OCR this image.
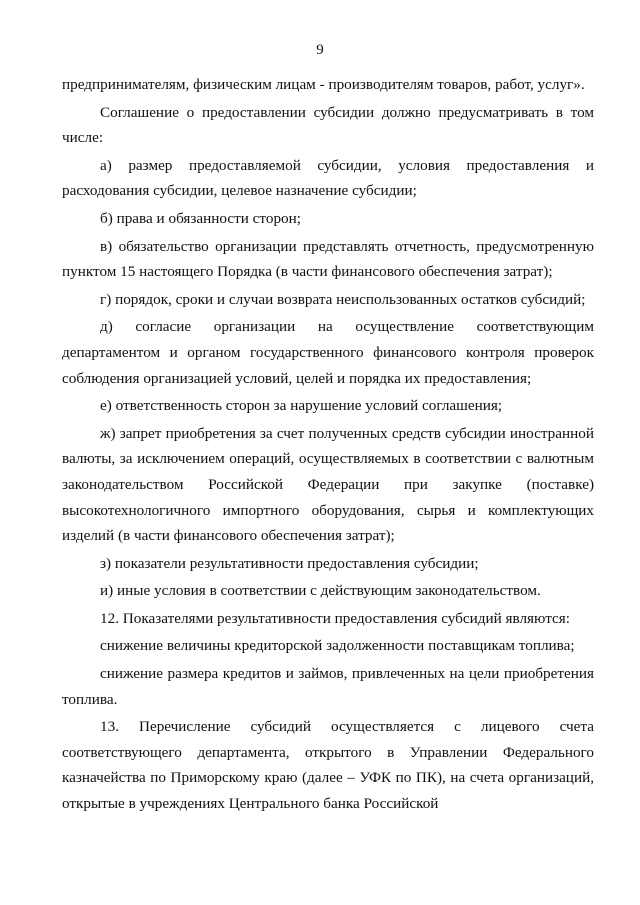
9

предпринимателям, физическим лицам - производителям товаров, работ, услуг».

Соглашение о предоставлении субсидии должно предусматривать в том числе:

а) размер предоставляемой субсидии, условия предоставления и расходования субсидии, целевое назначение субсидии;

б) права и обязанности сторон;

в) обязательство организации представлять отчетность, предусмотренную пунктом 15 настоящего Порядка (в части финансового обеспечения затрат);

г) порядок, сроки и случаи возврата неиспользованных остатков субсидий;

д) согласие организации на осуществление соответствующим департаментом и органом государственного финансового контроля проверок соблюдения организацией условий, целей и порядка их предоставления;

е) ответственность сторон за нарушение условий соглашения;

ж) запрет приобретения за счет полученных средств субсидии иностранной валюты, за исключением операций, осуществляемых в соответствии с валютным законодательством Российской Федерации при закупке (поставке) высокотехнологичного импортного оборудования, сырья и комплектующих изделий (в части финансового обеспечения затрат);

з) показатели результативности предоставления субсидии;

и) иные условия в соответствии с действующим законодательством.

12. Показателями результативности предоставления субсидий являются:

снижение величины кредиторской задолженности поставщикам топлива;

снижение размера кредитов и займов, привлеченных на цели приобретения топлива.

13. Перечисление субсидий осуществляется с лицевого счета соответствующего департамента, открытого в Управлении Федерального казначейства по Приморскому краю (далее – УФК по ПК), на счета организаций, открытые в учреждениях Центрального банка Российской
